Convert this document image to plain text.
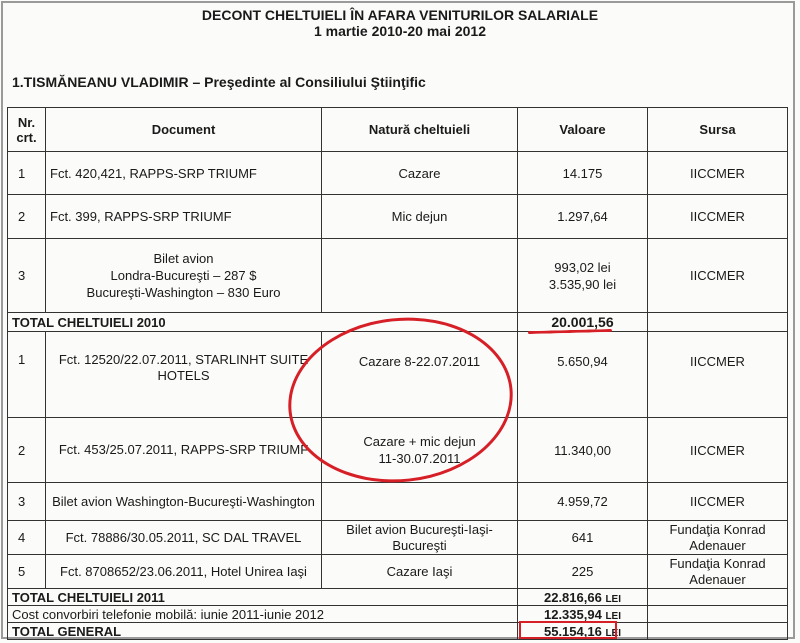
DECONT CHELTUIELI ÎN AFARA VENITURILOR SALARIALE
1 martie 2010-20 mai 2012
1.TISMĂNEANU VLADIMIR – Preşedinte al Consiliului Ştiinţific
Nr.
crt.	Document	Natură cheltuieli	Valoare	Sursa
1	Fct. 420,421, RAPPS-SRP TRIUMF	Cazare	14.175	IICCMER
2	Fct. 399, RAPPS-SRP TRIUMF	Mic dejun	1.297,64	IICCMER
3	Bilet avion
Londra-Bucureşti – 287 $
Bucureşti-Washington – 830 Euro		993,02 lei
3.535,90 lei	IICCMER
TOTAL CHELTUIELI 2010			20.001,56	
1	Fct. 12520/22.07.2011, STARLINHT SUITE HOTELS	Cazare 8-22.07.2011	5.650,94	IICCMER
2	Fct. 453/25.07.2011, RAPPS-SRP TRIUMF	Cazare + mic dejun
11-30.07.2011	11.340,00	IICCMER
3	Bilet avion Washington-Bucureşti-Washington		4.959,72	IICCMER
4	Fct. 78886/30.05.2011, SC DAL TRAVEL	Bilet avion Bucureşti-Iaşi-Bucureşti	641	Fundaţia Konrad Adenauer
5	Fct. 8708652/23.06.2011, Hotel Unirea Iaşi	Cazare Iaşi	225	Fundaţia Konrad Adenauer
TOTAL CHELTUIELI 2011			22.816,66 LEI	
Cost convorbiri telefonie mobilă: iunie 2011-iunie 2012			12.335,94 LEI	
TOTAL GENERAL			55.154,16 LEI	
